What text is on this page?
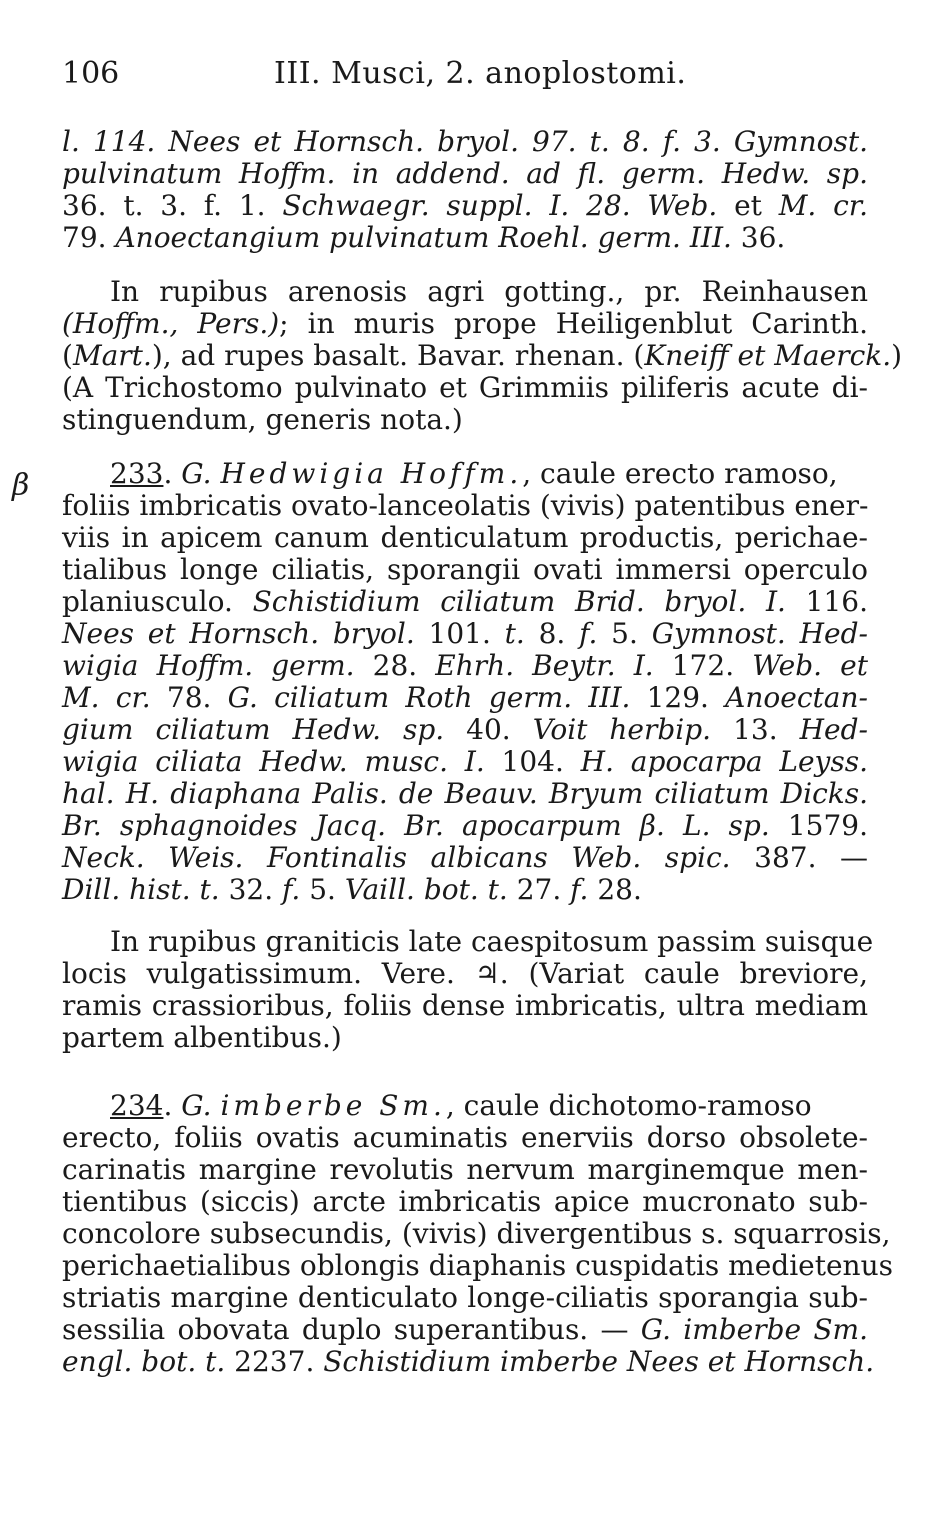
106	III. Musci, 2. anoplostomi.
β
l. 114. Nees et Hornsch. bryol. 97. t. 8. f. 3. Gymnost.
pulvinatum Hoffm. in addend. ad fl. germ. Hedw. sp.
36. t. 3. f. 1. Schwaegr. suppl. I. 28. Web. et M. cr.
79. Anoectangium pulvinatum Roehl. germ. III. 36.
In rupibus arenosis agri gotting., pr. Reinhausen
(Hoffm., Pers.); in muris prope Heiligenblut Carinth.
(Mart.), ad rupes basalt. Bavar. rhenan. (Kneiff et Maerck.)
(A Trichostomo pulvinato et Grimmiis piliferis acute di-
stinguendum, generis nota.)
233. G. Hedwigia Hoffm., caule erecto ramoso,
foliis imbricatis ovato-lanceolatis (vivis) patentibus ener-
viis in apicem canum denticulatum productis, perichae-
tialibus longe ciliatis, sporangii ovati immersi operculo
planiusculo. Schistidium ciliatum Brid. bryol. I. 116.
Nees et Hornsch. bryol. 101. t. 8. f. 5. Gymnost. Hed-
wigia Hoffm. germ. 28. Ehrh. Beytr. I. 172. Web. et
M. cr. 78. G. ciliatum Roth germ. III. 129. Anoectan-
gium ciliatum Hedw. sp. 40. Voit herbip. 13. Hed-
wigia ciliata Hedw. musc. I. 104. H. apocarpa Leyss.
hal. H. diaphana Palis. de Beauv. Bryum ciliatum Dicks.
Br. sphagnoides Jacq. Br. apocarpum β. L. sp. 1579.
Neck. Weis. Fontinalis albicans Web. spic. 387. —
Dill. hist. t. 32. f. 5. Vaill. bot. t. 27. f. 28.
In rupibus graniticis late caespitosum passim suisque
locis vulgatissimum. Vere. ♃. (Variat caule breviore,
ramis crassioribus, foliis dense imbricatis, ultra mediam
partem albentibus.)
234. G. imberbe Sm., caule dichotomo-ramoso
erecto, foliis ovatis acuminatis enerviis dorso obsolete-
carinatis margine revolutis nervum marginemque men-
tientibus (siccis) arcte imbricatis apice mucronato sub-
concolore subsecundis, (vivis) divergentibus s. squarrosis,
perichaetialibus oblongis diaphanis cuspidatis medietenus
striatis margine denticulato longe-ciliatis sporangia sub-
sessilia obovata duplo superantibus. — G. imberbe Sm.
engl. bot. t. 2237. Schistidium imberbe Nees et Hornsch.
